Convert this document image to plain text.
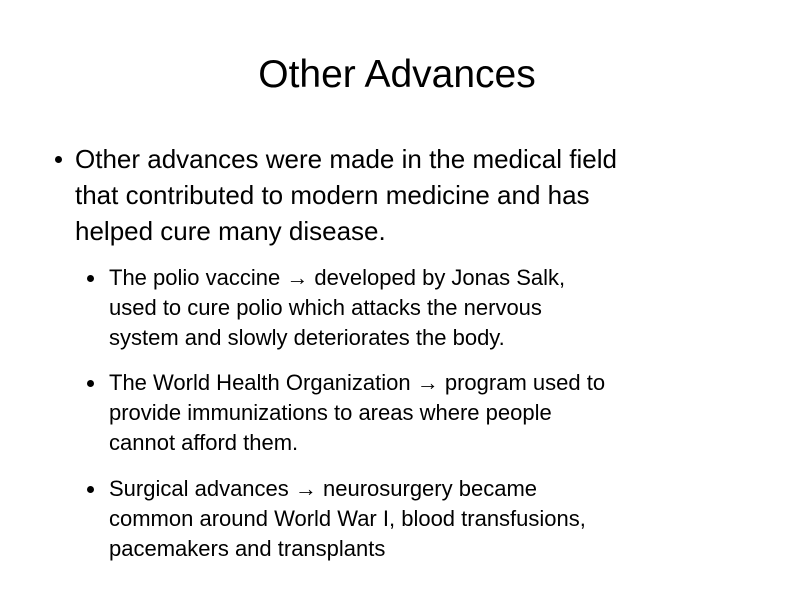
Other Advances
Other advances were made in the medical field
that contributed to modern medicine and has
helped cure many disease.
The polio vaccine → developed by Jonas Salk,
used to cure polio which attacks the nervous
system and slowly deteriorates the body.
The World Health Organization → program used to
provide immunizations to areas where people
cannot afford them.
Surgical advances → neurosurgery became
common around World War I, blood transfusions,
pacemakers and transplants
